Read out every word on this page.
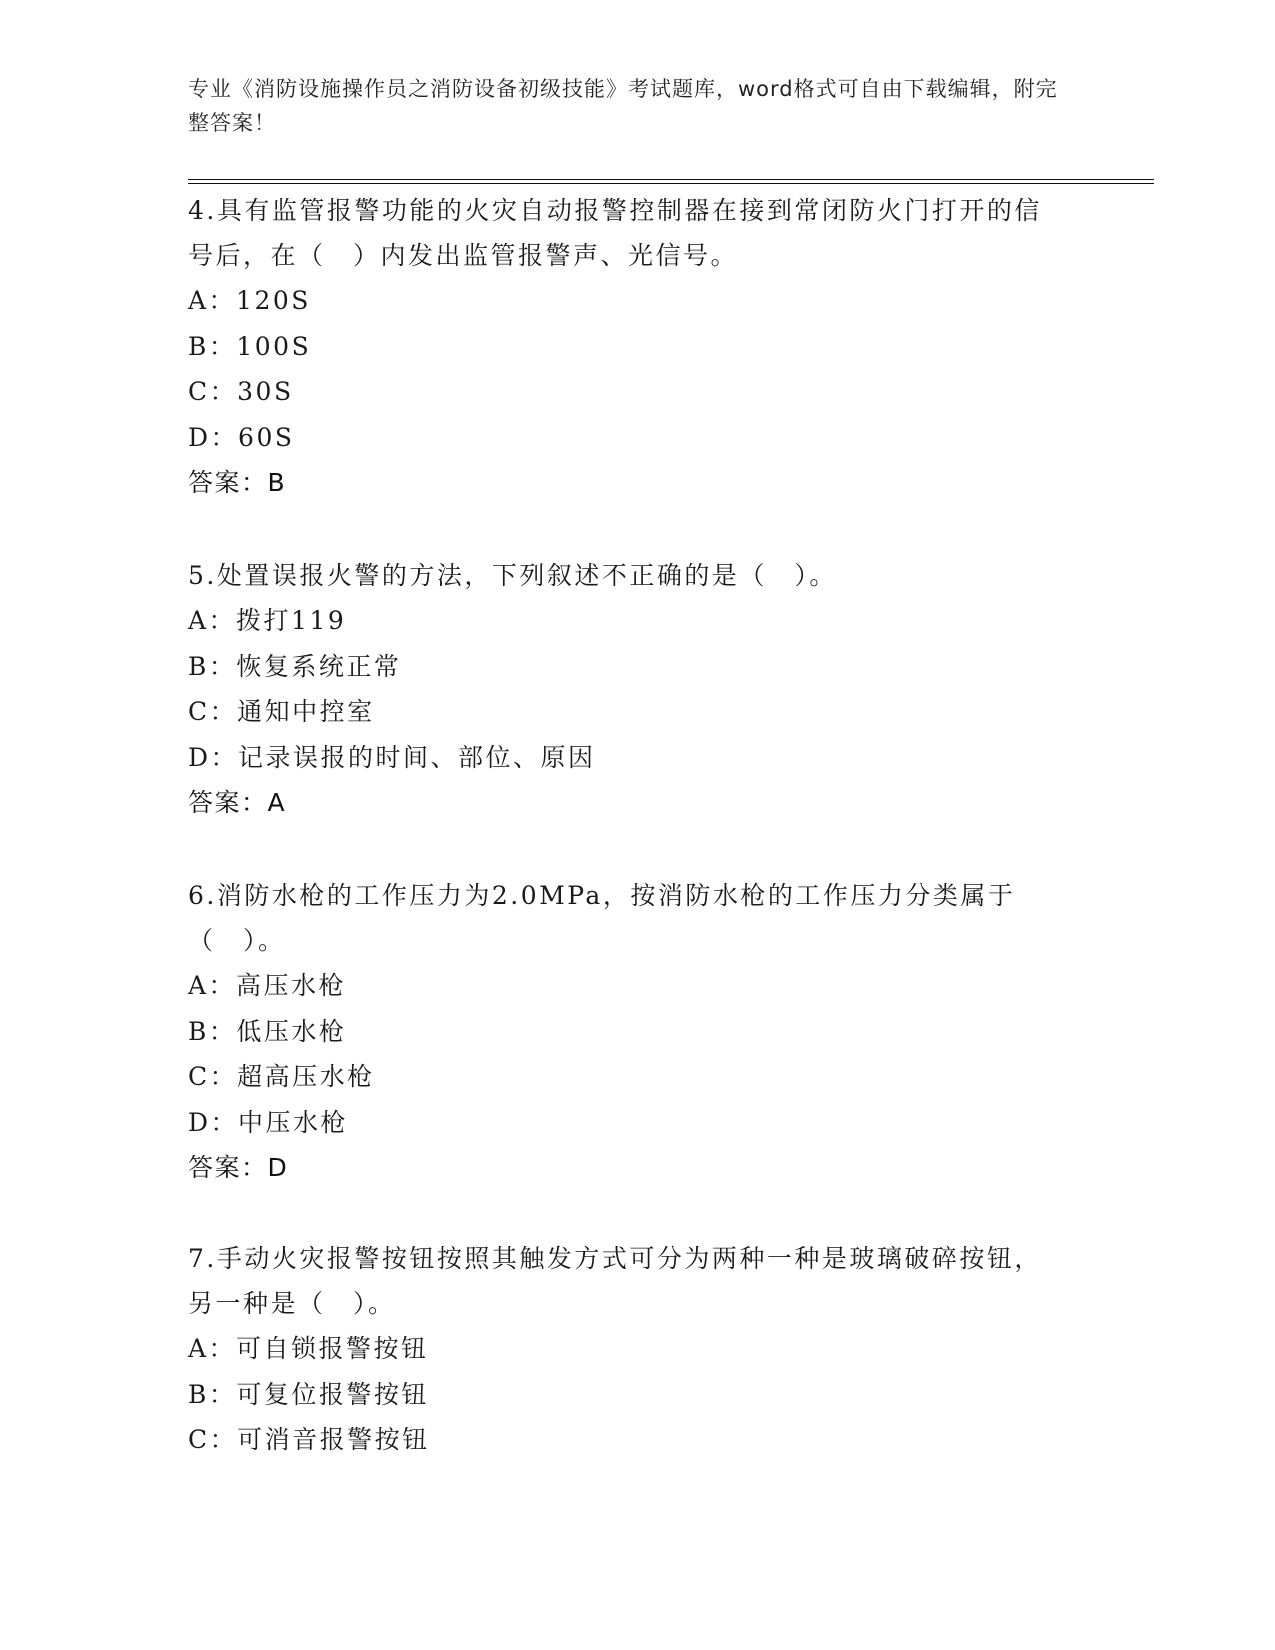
专业《消防设施操作员之消防设备初级技能》考试题库，word格式可自由下载编辑，附完整答案！

4.具有监管报警功能的火灾自动报警控制器在接到常闭防火门打开的信号后，在（　）内发出监管报警声、光信号。

A：120S
B：100S
C：30S
D：60S
答案：B

5.处置误报火警的方法，下列叙述不正确的是（　）。

A：拨打119
B：恢复系统正常
C：通知中控室
D：记录误报的时间、部位、原因
答案：A

6.消防水枪的工作压力为2.0MPa，按消防水枪的工作压力分类属于（　）。

A：高压水枪
B：低压水枪
C：超高压水枪
D：中压水枪
答案：D

7.手动火灾报警按钮按照其触发方式可分为两种一种是玻璃破碎按钮，另一种是（　）。

A：可自锁报警按钮
B：可复位报警按钮
C：可消音报警按钮
